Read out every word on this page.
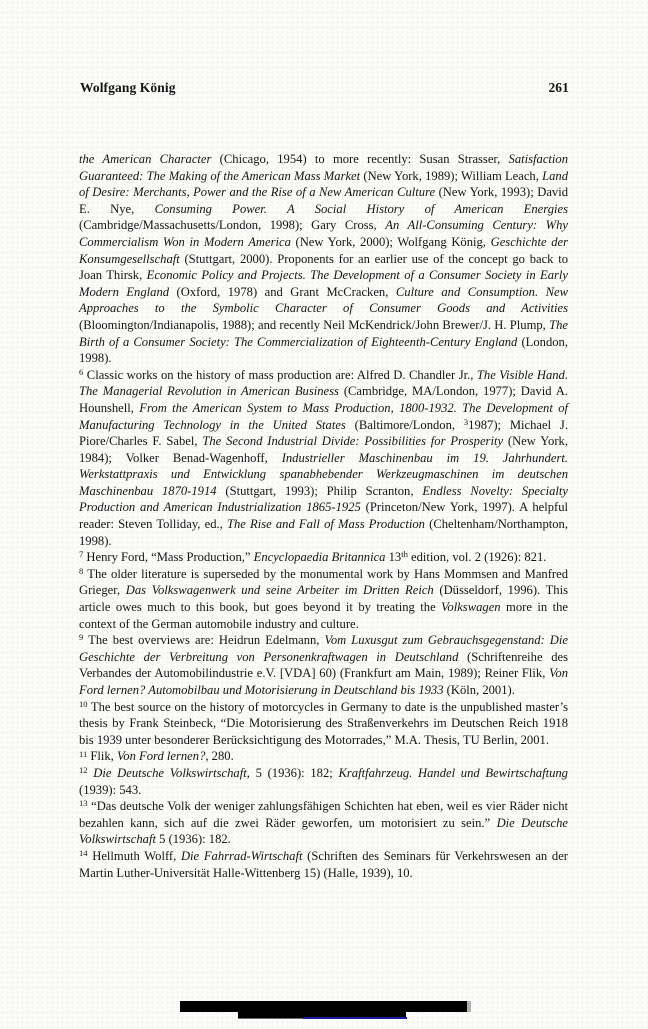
Wolfgang König	261

the American Character (Chicago, 1954) to more recently: Susan Strasser, Satisfaction Guaranteed: The Making of the American Mass Market (New York, 1989); William Leach, Land of Desire: Merchants, Power and the Rise of a New American Culture (New York, 1993); David E. Nye, Consuming Power. A Social History of American Energies (Cambridge/Massachusetts/London, 1998); Gary Cross, An All-Consuming Century: Why Commercialism Won in Modern America (New York, 2000); Wolfgang König, Geschichte der Konsumgesellschaft (Stuttgart, 2000). Proponents for an earlier use of the concept go back to Joan Thirsk, Economic Policy and Projects. The Development of a Consumer Society in Early Modern England (Oxford, 1978) and Grant McCracken, Culture and Consumption. New Approaches to the Symbolic Character of Consumer Goods and Activities (Bloomington/Indianapolis, 1988); and recently Neil McKendrick/John Brewer/J. H. Plump, The Birth of a Consumer Society: The Commercialization of Eighteenth-Century England (London, 1998).

$^6$ Classic works on the history of mass production are: Alfred D. Chandler Jr., The Visible Hand. The Managerial Revolution in American Business (Cambridge, MA/London, 1977); David A. Hounshell, From the American System to Mass Production, 1800-1932. The Development of Manufacturing Technology in the United States (Baltimore/London, $^3$1987); Michael J. Piore/Charles F. Sabel, The Second Industrial Divide: Possibilities for Prosperity (New York, 1984); Volker Benad-Wagenhoff, Industrieller Maschinenbau im 19. Jahrhundert. Werkstattpraxis und Entwicklung spanabhebender Werkzeugmaschinen im deutschen Maschinenbau 1870-1914 (Stuttgart, 1993); Philip Scranton, Endless Novelty: Specialty Production and American Industrialization 1865-1925 (Princeton/New York, 1997). A helpful reader: Steven Tolliday, ed., The Rise and Fall of Mass Production (Cheltenham/Northampton, 1998).

$^7$ Henry Ford, “Mass Production,” Encyclopaedia Britannica 13th edition, vol. 2 (1926): 821.

$^8$ The older literature is superseded by the monumental work by Hans Mommsen and Manfred Grieger, Das Volkswagenwerk und seine Arbeiter im Dritten Reich (Düsseldorf, 1996). This article owes much to this book, but goes beyond it by treating the Volkswagen more in the context of the German automobile industry and culture.

$^9$ The best overviews are: Heidrun Edelmann, Vom Luxusgut zum Gebrauchsgegenstand: Die Geschichte der Verbreitung von Personenkraftwagen in Deutschland (Schriftenreihe des Verbandes der Automobilindustrie e.V. [VDA] 60) (Frankfurt am Main, 1989); Reiner Flik, Von Ford lernen? Automobilbau und Motorisierung in Deutschland bis 1933 (Köln, 2001).

$^{10}$ The best source on the history of motorcycles in Germany to date is the unpublished master’s thesis by Frank Steinbeck, “Die Motorisierung des Straßenverkehrs im Deutschen Reich 1918 bis 1939 unter besonderer Berücksichtigung des Motorrades,” M.A. Thesis, TU Berlin, 2001.

$^{11}$ Flik, Von Ford lernen?, 280.

$^{12}$ Die Deutsche Volkswirtschaft, 5 (1936): 182; Kraftfahrzeug. Handel und Bewirtschaftung (1939): 543.

$^{13}$ “Das deutsche Volk der weniger zahlungsfähigen Schichten hat eben, weil es vier Räder nicht bezahlen kann, sich auf die zwei Räder geworfen, um motorisiert zu sein.” Die Deutsche Volkswirtschaft 5 (1936): 182.

$^{14}$ Hellmuth Wolff, Die Fahrrad-Wirtschaft (Schriften des Seminars für Verkehrswesen an der Martin Luther-Universität Halle-Wittenberg 15) (Halle, 1939), 10.
